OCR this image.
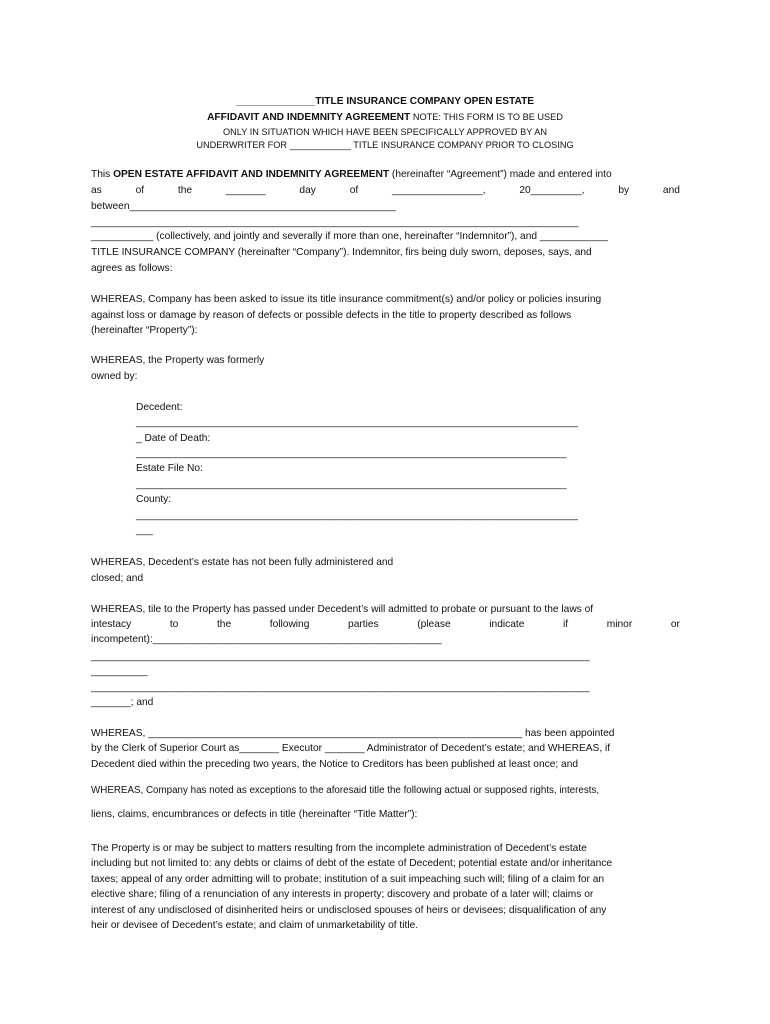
______________TITLE INSURANCE COMPANY OPEN ESTATE
AFFIDAVIT AND INDEMNITY AGREEMENT NOTE: THIS FORM IS TO BE USED
ONLY IN SITUATION WHICH HAVE BEEN SPECIFICALLY APPROVED BY AN
UNDERWRITER FOR ____________ TITLE INSURANCE COMPANY PRIOR TO CLOSING
This OPEN ESTATE AFFIDAVIT AND INDEMNITY AGREEMENT (hereinafter “Agreement”) made and entered into
as	of	the	_______	day	of	________________,	20_________,	by	and
between_______________________________________________
______________________________________________________________________________________
___________ (collectively, and jointly and severally if more than one, hereinafter “Indemnitor”), and ____________
TITLE INSURANCE COMPANY (hereinafter “Company”). Indemnitor, firs being duly sworn, deposes, says, and
agrees as follows:
WHEREAS, Company has been asked to issue its title insurance commitment(s) and/or policy or policies insuring
against loss or damage by reason of defects or possible defects in the title to property described as follows
(hereinafter “Property”):
WHEREAS, the Property was formerly
owned by:
Decedent:
______________________________________________________________________________
_ Date of Death:
____________________________________________________________________________
Estate File No:
____________________________________________________________________________
County:
______________________________________________________________________________
___
WHEREAS, Decedent’s estate has not been fully administered and
closed; and
WHEREAS, tile to the Property has passed under Decedent’s will admitted to probate or pursuant to the laws of
intestacy	to	the	following	parties	(please	indicate	if	minor	or
incompetent):___________________________________________________
________________________________________________________________________________________
__________
________________________________________________________________________________________
_______; and
WHEREAS, __________________________________________________________________ has been appointed
by the Clerk of Superior Court as_______ Executor _______ Administrator of Decedent’s estate; and WHEREAS, if
Decedent died within the preceding two years, the Notice to Creditors has been published at least once; and
WHEREAS, Company has noted as exceptions to the aforesaid title the following actual or supposed rights, interests,
liens, claims, encumbrances or defects in title (hereinafter “Title Matter”):
The Property is or may be subject to matters resulting from the incomplete administration of Decedent’s estate
including but not limited to: any debts or claims of debt of the estate of Decedent; potential estate and/or inheritance
taxes; appeal of any order admitting will to probate; institution of a suit impeaching such will; filing of a claim for an
elective share; filing of a renunciation of any interests in property; discovery and probate of a later will; claims or
interest of any undisclosed of disinherited heirs or undisclosed spouses of heirs or devisees; disqualification of any
heir or devisee of Decedent’s estate; and claim of unmarketability of title.
